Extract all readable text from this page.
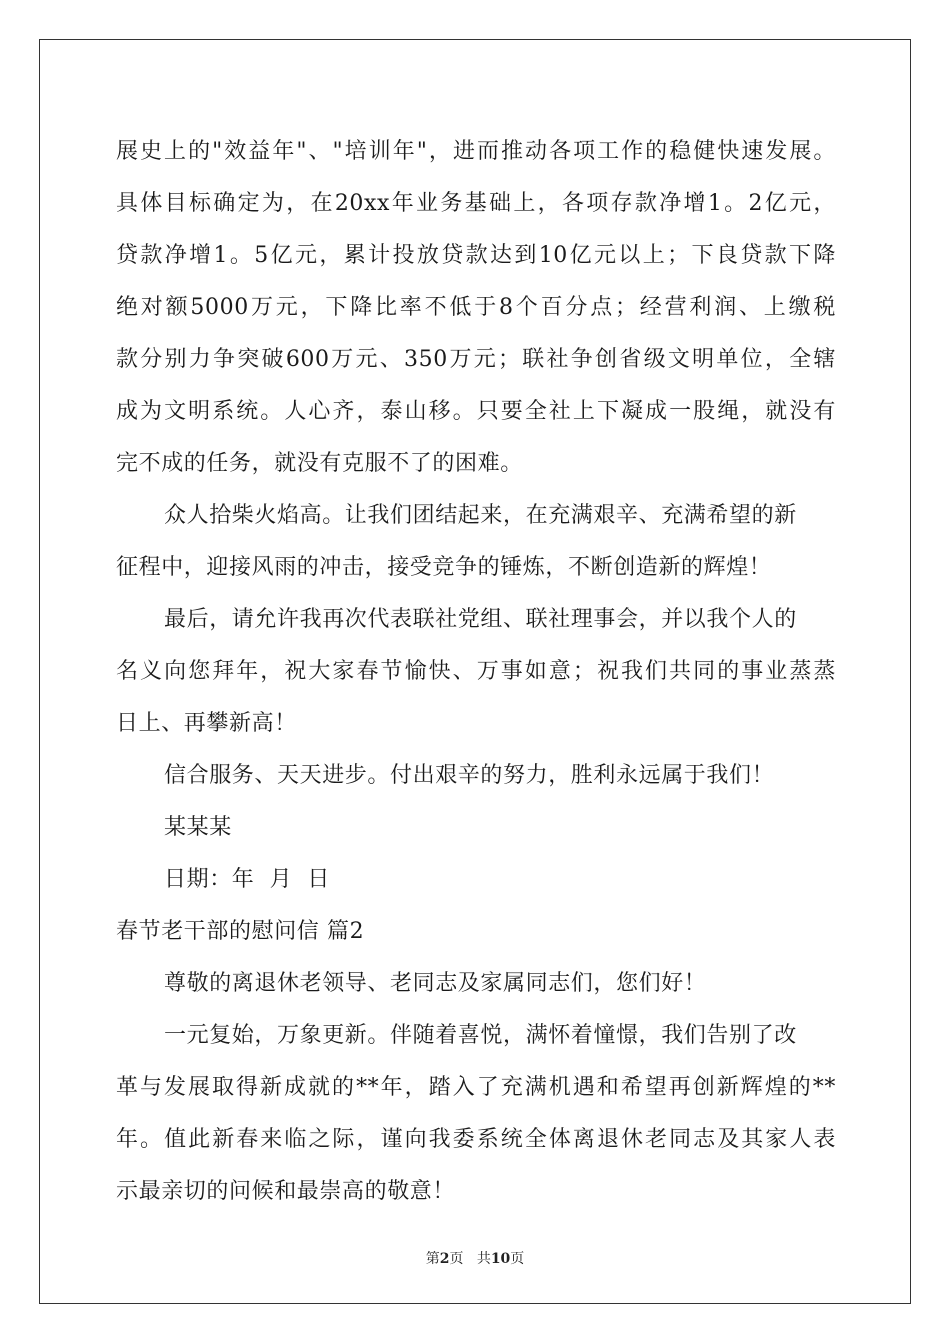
展史上的"效益年"、"培训年"，进而推动各项工作的稳健快速发展。
具体目标确定为，在20xx年业务基础上，各项存款净增1。2亿元，
贷款净增1。5亿元，累计投放贷款达到10亿元以上；下良贷款下降
绝对额5000万元，下降比率不低于8个百分点；经营利润、上缴税
款分别力争突破600万元、350万元；联社争创省级文明单位，全辖
成为文明系统。人心齐，泰山移。只要全社上下凝成一股绳，就没有
完不成的任务，就没有克服不了的困难。
众人拾柴火焰高。让我们团结起来，在充满艰辛、充满希望的新
征程中，迎接风雨的冲击，接受竞争的锤炼，不断创造新的辉煌！
最后，请允许我再次代表联社党组、联社理事会，并以我个人的
名义向您拜年，祝大家春节愉快、万事如意；祝我们共同的事业蒸蒸
日上、再攀新高！
信合服务、天天进步。付出艰辛的努力，胜利永远属于我们！
某某某
日期：年  月  日
春节老干部的慰问信 篇2
尊敬的离退休老领导、老同志及家属同志们，您们好！
一元复始，万象更新。伴随着喜悦，满怀着憧憬，我们告别了改
革与发展取得新成就的**年，踏入了充满机遇和希望再创新辉煌的**
年。值此新春来临之际，谨向我委系统全体离退休老同志及其家人表
示最亲切的问候和最崇高的敬意！
第2页 共10页
